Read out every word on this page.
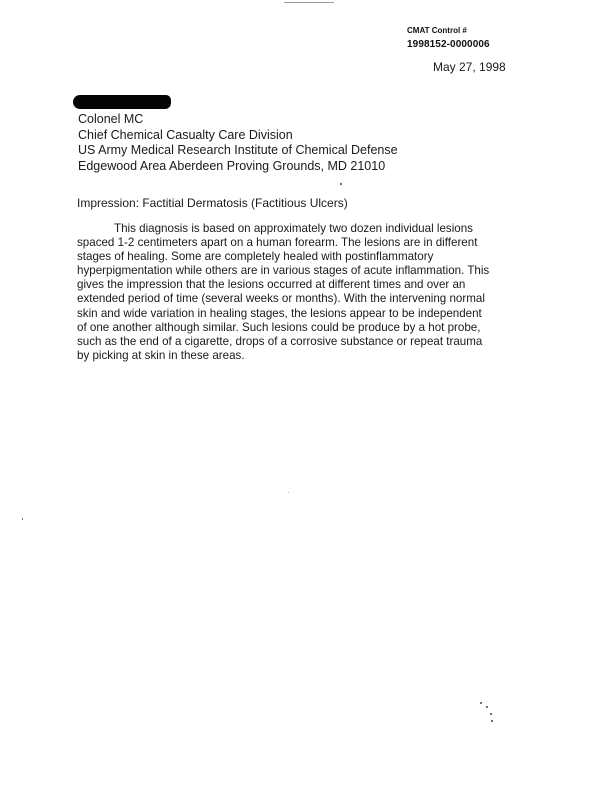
CMAT Control #
1998152-0000006
May 27, 1998
Colonel MC
Chief Chemical Casualty Care Division
US Army Medical Research Institute of Chemical Defense
Edgewood Area Aberdeen Proving Grounds, MD 21010
Impression: Factitial Dermatosis (Factitious Ulcers)
This diagnosis is based on approximately two dozen individual lesions
spaced 1-2 centimeters apart on a human forearm. The lesions are in different
stages of healing. Some are completely healed with postinflammatory
hyperpigmentation while others are in various stages of acute inflammation. This
gives the impression that the lesions occurred at different times and over an
extended period of time (several weeks or months). With the intervening normal
skin and wide variation in healing stages, the lesions appear to be independent
of one another although similar. Such lesions could be produce by a hot probe,
such as the end of a cigarette, drops of a corrosive substance or repeat trauma
by picking at skin in these areas.
